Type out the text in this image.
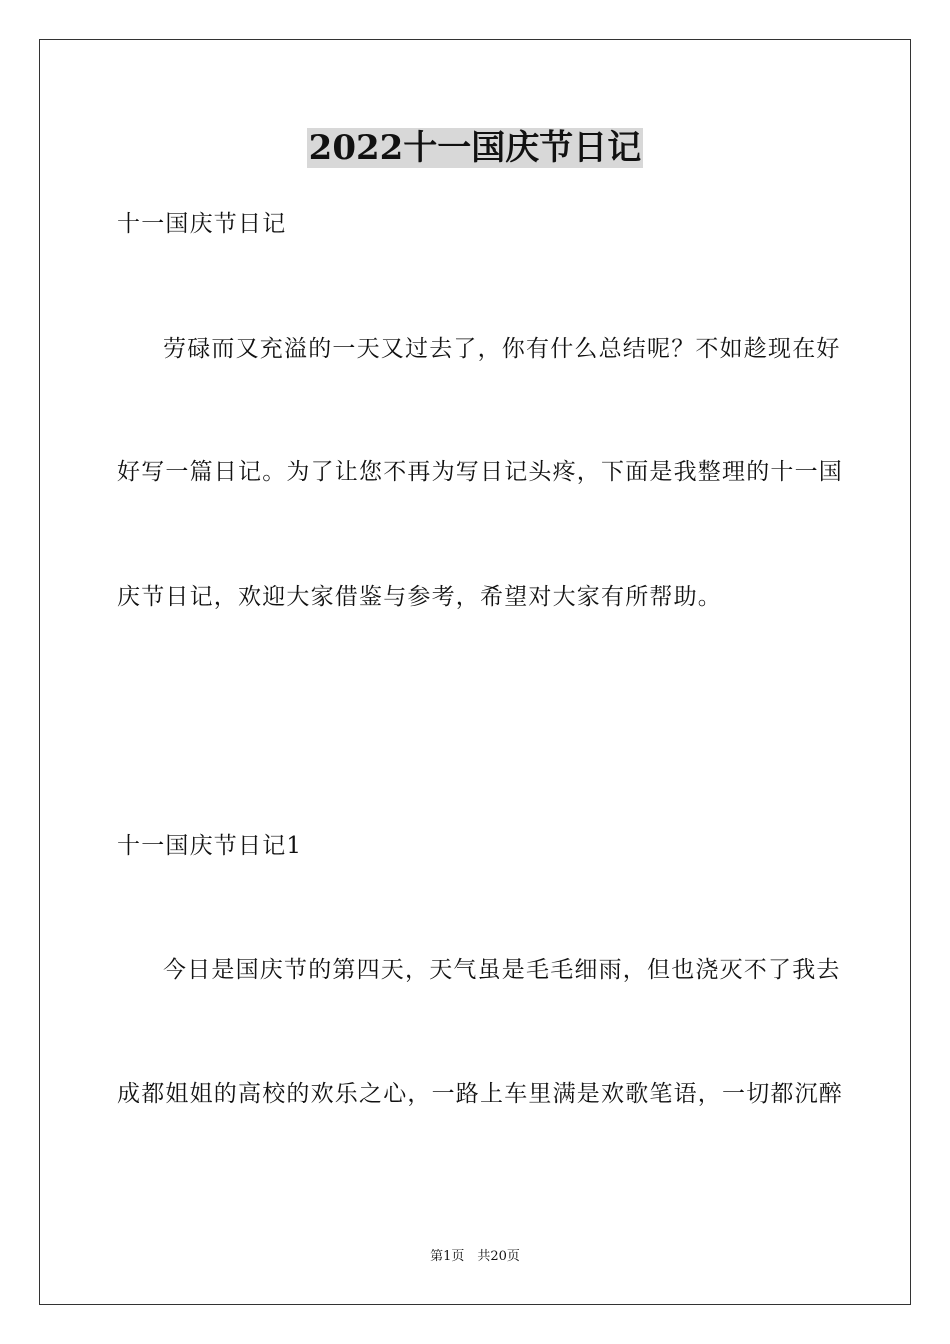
2022十一国庆节日记
十一国庆节日记
劳碌而又充溢的一天又过去了，你有什么总结呢？不如趁现在好
好写一篇日记。为了让您不再为写日记头疼，下面是我整理的十一国
庆节日记，欢迎大家借鉴与参考，希望对大家有所帮助。
十一国庆节日记1
今日是国庆节的第四天，天气虽是毛毛细雨，但也浇灭不了我去
成都姐姐的高校的欢乐之心，一路上车里满是欢歌笔语，一切都沉醉
第1页　共20页
